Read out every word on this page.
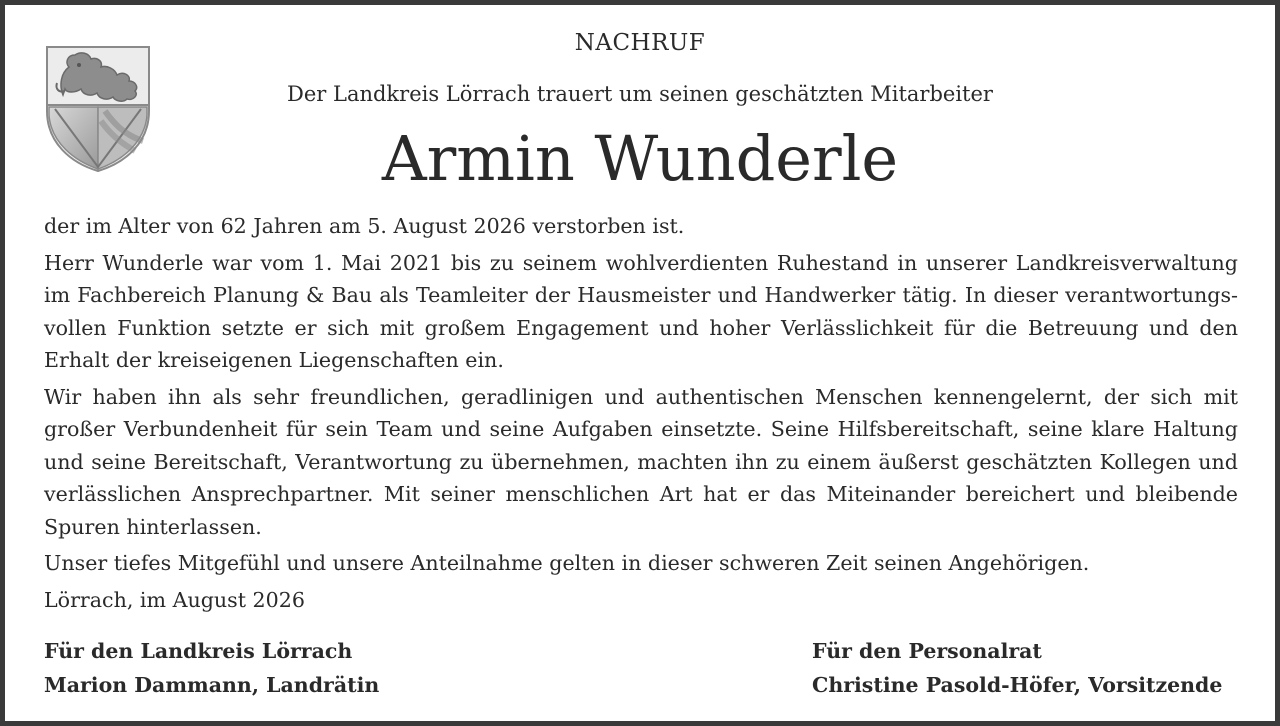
NACHRUF
Der Landkreis Lörrach trauert um seinen geschätzten Mitarbeiter
Armin Wunderle

der im Alter von 62 Jahren am 5. August 2026 verstorben ist.

Herr Wunderle war vom 1. Mai 2021 bis zu seinem wohlverdienten Ruhestand in unserer Landkreisverwaltung im Fachbereich Planung & Bau als Teamleiter der Hausmeister und Handwerker tätig. In dieser verantwortungsvollen Funktion setzte er sich mit großem Engagement und hoher Verlässlichkeit für die Betreuung und den Erhalt der kreiseigenen Liegenschaften ein.

Wir haben ihn als sehr freundlichen, geradlinigen und authentischen Menschen kennengelernt, der sich mit großer Verbundenheit für sein Team und seine Aufgaben einsetzte. Seine Hilfsbereitschaft, seine klare Haltung und seine Bereitschaft, Verantwortung zu übernehmen, machten ihn zu einem äußerst geschätzten Kollegen und verlässlichen Ansprechpartner. Mit seiner menschlichen Art hat er das Miteinander bereichert und bleibende Spuren hinterlassen.

Unser tiefes Mitgefühl und unsere Anteilnahme gelten in dieser schweren Zeit seinen Angehörigen.

Lörrach, im August 2026

Für den Landkreis Lörrach
Marion Dammann, Landrätin
Für den Personalrat
Christine Pasold-Höfer, Vorsitzende
